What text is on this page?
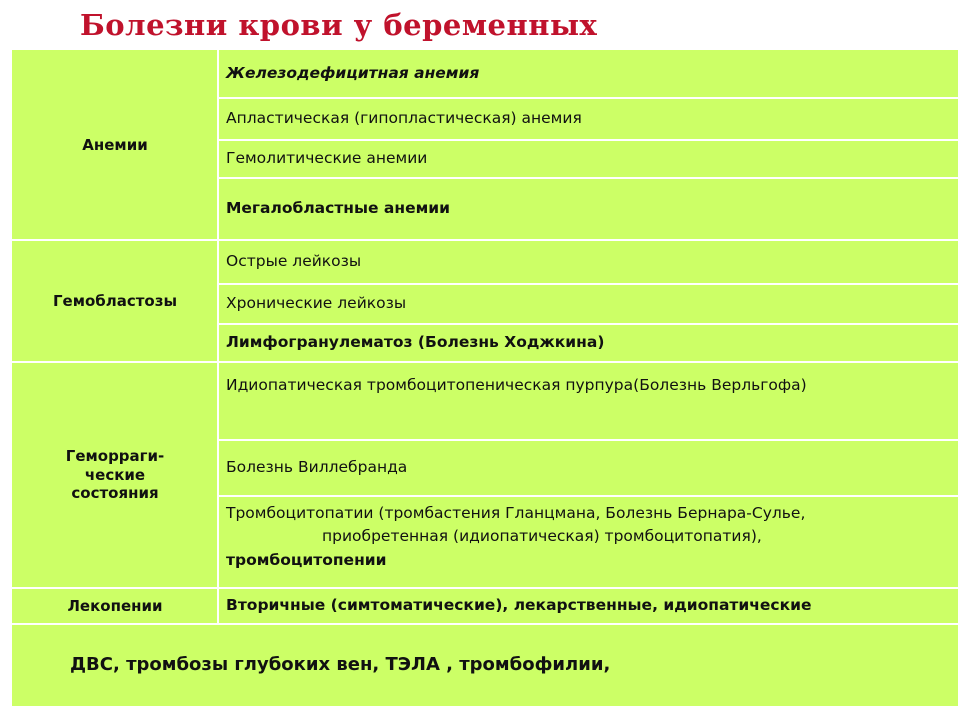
Болезни крови у беременных
Анемии
Гемобластозы
Геморраги-ческие состояния
Лекопении
Железодефицитная анемия
Апластическая (гипопластическая) анемия
Гемолитические анемии
Мегалобластные анемии
Острые лейкозы
Хронические лейкозы
Лимфогранулематоз (Болезнь Ходжкина)
Идиопатическая тромбоцитопеническая пурпура(Болезнь Верльгофа)
Болезнь Виллебранда
Тромбоцитопатии (тромбастения Гланцмана, Болезнь Бернара-Сулье,
приобретенная (идиопатическая) тромбоцитопатия),
тромбоцитопении
Вторичные (симтоматические), лекарственные, идиопатические
ДВС, тромбозы глубоких вен, ТЭЛА , тромбофилии,
